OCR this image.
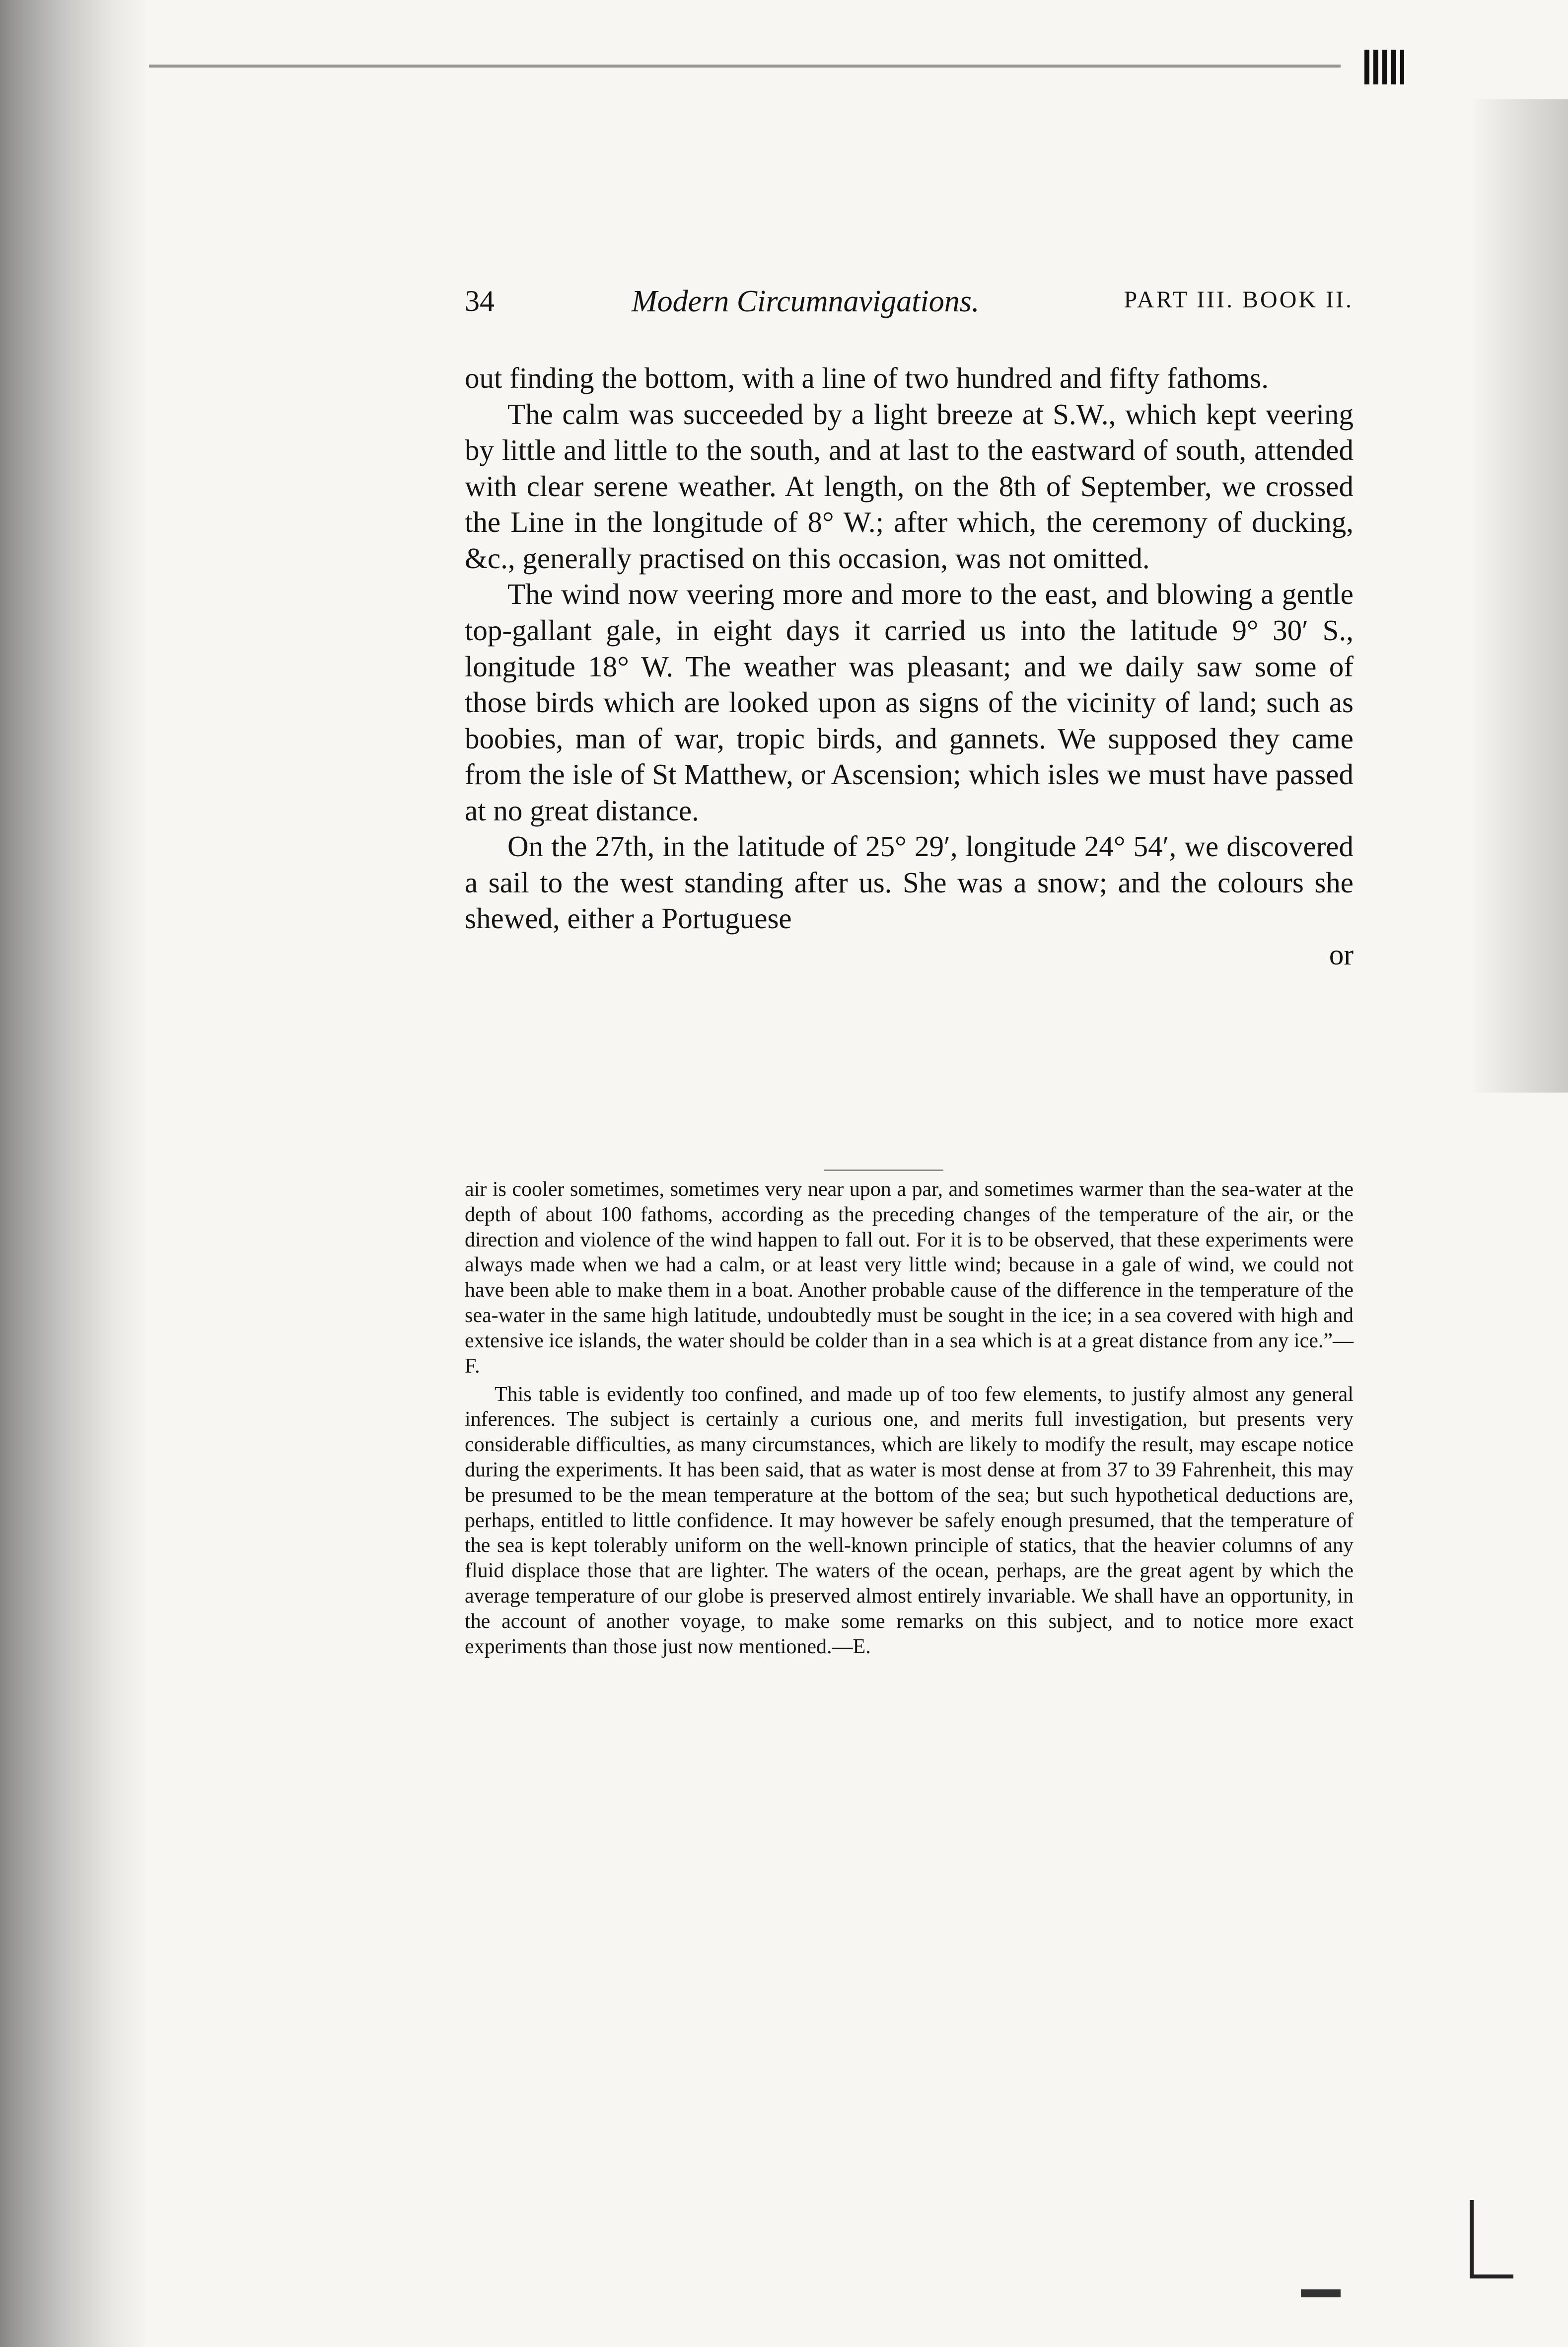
34	Modern Circumnavigations.	PART III. BOOK II.

out finding the bottom, with a line of two hundred and fifty fathoms.

The calm was succeeded by a light breeze at S.W., which kept veering by little and little to the south, and at last to the eastward of south, attended with clear serene weather. At length, on the 8th of September, we crossed the Line in the longitude of 8° W.; after which, the ceremony of ducking, &c., generally practised on this occasion, was not omitted.

The wind now veering more and more to the east, and blowing a gentle top-gallant gale, in eight days it carried us into the latitude 9° 30′ S., longitude 18° W. The weather was pleasant; and we daily saw some of those birds which are looked upon as signs of the vicinity of land; such as boobies, man of war, tropic birds, and gannets. We supposed they came from the isle of St Matthew, or Ascension; which isles we must have passed at no great distance.

On the 27th, in the latitude of 25° 29′, longitude 24° 54′, we discovered a sail to the west standing after us. She was a snow; and the colours she shewed, either a Portuguese

or

air is cooler sometimes, sometimes very near upon a par, and sometimes warmer than the sea-water at the depth of about 100 fathoms, according as the preceding changes of the temperature of the air, or the direction and violence of the wind happen to fall out. For it is to be observed, that these experiments were always made when we had a calm, or at least very little wind; because in a gale of wind, we could not have been able to make them in a boat. Another probable cause of the difference in the temperature of the sea-water in the same high latitude, undoubtedly must be sought in the ice; in a sea covered with high and extensive ice islands, the water should be colder than in a sea which is at a great distance from any ice.”—F.

This table is evidently too confined, and made up of too few elements, to justify almost any general inferences. The subject is certainly a curious one, and merits full investigation, but presents very considerable difficulties, as many circumstances, which are likely to modify the result, may escape notice during the experiments. It has been said, that as water is most dense at from 37 to 39 Fahrenheit, this may be presumed to be the mean temperature at the bottom of the sea; but such hypothetical deductions are, perhaps, entitled to little confidence. It may however be safely enough presumed, that the temperature of the sea is kept tolerably uniform on the well-known principle of statics, that the heavier columns of any fluid displace those that are lighter. The waters of the ocean, perhaps, are the great agent by which the average temperature of our globe is preserved almost entirely invariable. We shall have an opportunity, in the account of another voyage, to make some remarks on this subject, and to notice more exact experiments than those just now mentioned.—E.
